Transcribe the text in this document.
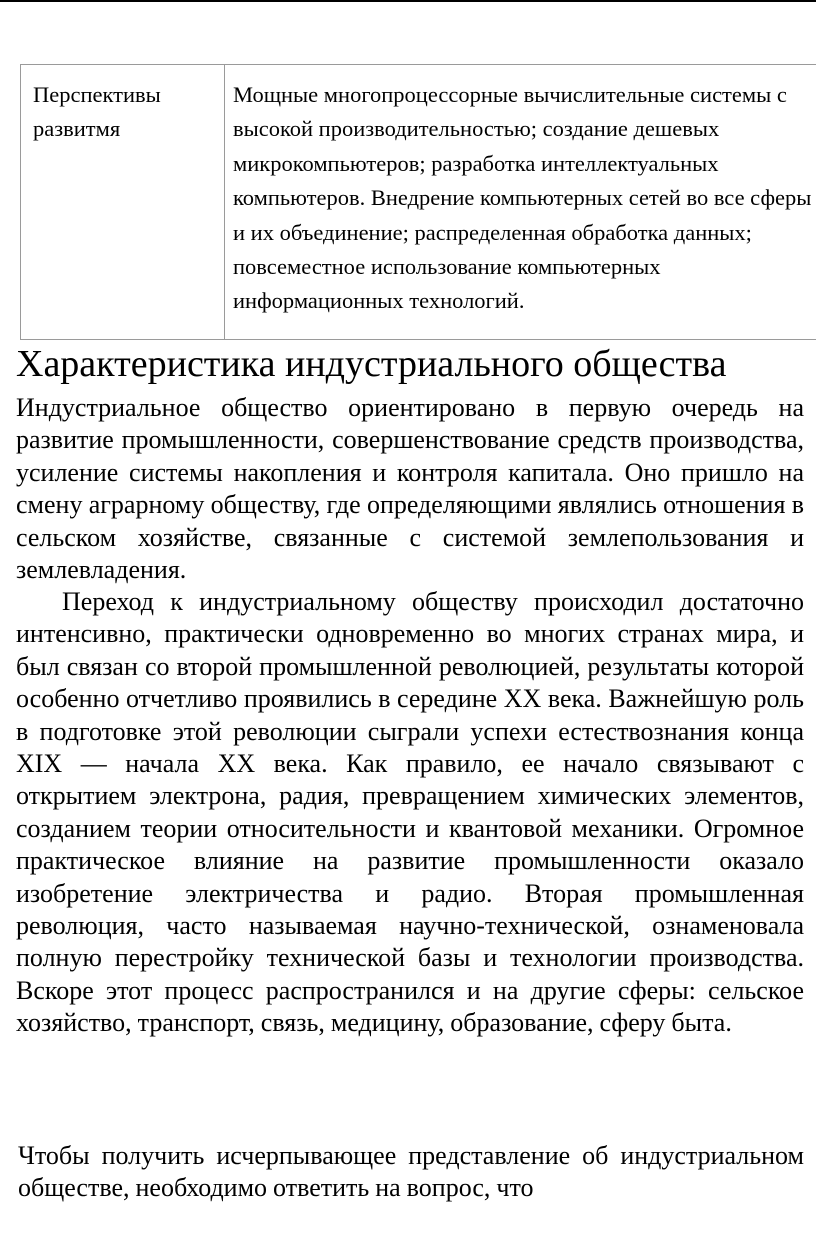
Перспективы развитмя	Мощные многопроцессорные вычислительные системы с высокой производительностью; создание дешевых микрокомпьютеров; разработка интеллектуальных компьютеров. Внедрение компьютерных сетей во все сферы и их объединение; распределенная обработка данных; повсеместное использование компьютерных информационных технологий.
Характеристика индустриального общества

Индустриальное общество ориентировано в первую очередь на развитие промышленности, совершенствование средств производства, усиление системы накопления и контроля капитала. Оно пришло на смену аграрному обществу, где определяющими являлись отношения в сельском хозяйстве, связанные с системой землепользования и землевладения.

Переход к индустриальному обществу происходил достаточно интенсивно, практически одновременно во многих странах мира, и был связан со второй промышленной революцией, результаты которой особенно отчетливо проявились в середине XX века. Важнейшую роль в подготовке этой революции сыграли успехи естествознания конца XIX — начала XX века. Как правило, ее начало связывают с открытием электрона, радия, превращением химических элементов, созданием теории относительности и квантовой механики. Огромное практическое влияние на развитие промышленности оказало изобретение электричества и радио. Вторая промышленная революция, часто называемая научно-технической, ознаменовала полную перестройку технической базы и технологии производства. Вскоре этот процесс распространился и на другие сферы: сельское хозяйство, транспорт, связь, медицину, образование, сферу быта.

Чтобы получить исчерпывающее представление об индустриальном обществе, необходимо ответить на вопрос, что
